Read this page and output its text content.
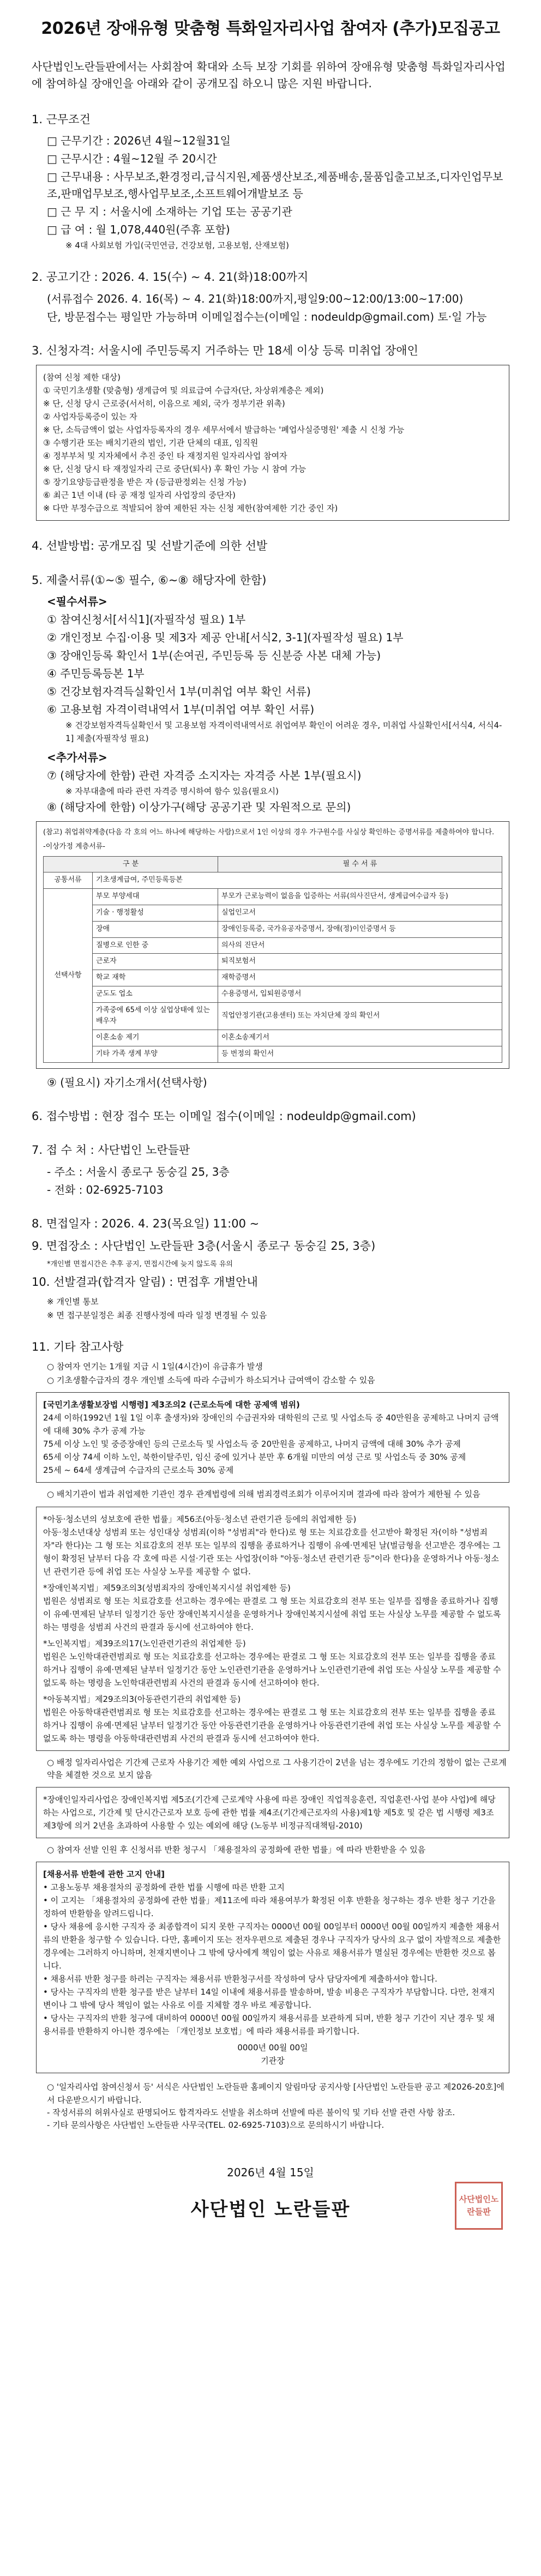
2026년 장애유형 맞춤형 특화일자리사업 참여자 (추가)모집공고
사단법인노란들판에서는 사회참여 확대와 소득 보장 기회를 위하여 장애유형 맞춤형 특화일자리사업에 참여하실 장애인을 아래와 같이 공개모집 하오니 많은 지원 바랍니다.
1. 근무조건
□ 근무기간 : 2026년 4월~12월31일
□ 근무시간 : 4월~12월 주 20시간
□ 근무내용 : 사무보조,환경정리,급식지원,제품생산보조,제품배송,물품입출고보조,디자인업무보조,판매업무보조,행사업무보조,소프트웨어개발보조 등
□ 근 무 지 : 서울시에 소재하는 기업 또는 공공기관
□ 급 여 : 월 1,078,440원(주휴 포함)
※ 4대 사회보험 가입(국민연금, 건강보험, 고용보험, 산재보험)
2. 공고기간 : 2026. 4. 15(수) ~ 4. 21(화)18:00까지
(서류접수 2026. 4. 16(목) ~ 4. 21(화)18:00까지,평일9:00~12:00/13:00~17:00)
단, 방문접수는 평일만 가능하며 이메일접수는(이메일 : nodeuldp@gmail.com) 토·일 가능
3. 신청자격: 서울시에 주민등록지 거주하는 만 18세 이상 등록 미취업 장애인
(참여 신청 제한 대상)
① 국민기초생활 (맞춤형) 생계급여 및 의료급여 수급자(단, 차상위계층은 제외)
※ 단, 신청 당시 근로중(서서히, 이음으로 제외, 국가 정부기관 위촉)
② 사업자등록증이 있는 자
※ 단, 소득금액이 없는 사업자등록자의 경우 세무서에서 발급하는 '폐업사실증명원' 제출 시 신청 가능
③ 수행기관 또는 배치기관의 법인, 기관 단체의 대표, 임직원
④ 정부부처 및 지자체에서 추진 중인 타 재정지원 일자리사업 참여자
※ 단, 신청 당시 타 재정일자리 근로 중단(퇴사) 후 확인 가능 시 참여 가능
⑤ 장기요양등급판정을 받은 자 (등급판정외는 신청 가능)
⑥ 최근 1년 이내 (타 공 재정 일자리 사업장의 중단자)
※ 다만 부정수급으로 적발되어 참여 제한된 자는 신청 제한(참여제한 기간 중인 자)
4. 선발방법: 공개모집 및 선발기준에 의한 선발
5. 제출서류(①~⑤ 필수, ⑥~⑧ 해당자에 한함)
<필수서류>
① 참여신청서[서식1](자필작성 필요) 1부
② 개인정보 수집·이용 및 제3자 제공 안내[서식2, 3-1](자필작성 필요) 1부
③ 장애인등록 확인서 1부(손여권, 주민등록 등 신분증 사본 대체 가능)
④ 주민등록등본 1부
⑤ 건강보험자격득실확인서 1부(미취업 여부 확인 서류)
⑥ 고용보험 자격이력내역서 1부(미취업 여부 확인 서류)
※ 건강보험자격득실확인서 및 고용보험 자격이력내역서로 취업여부 확인이 어려운 경우, 미취업 사실확인서[서식4, 서식4-1] 제출(자필작성 필요)
<추가서류>
⑦ (해당자에 한함) 관련 자격증 소지자는 자격증 사본 1부(필요시)
※ 자부대출에 따라 관련 자격증 명시하여 함수 있음(필요시)
⑧ (해당자에 한함) 이상가구(해당 공공기관 및 자원적으로 문의)
(참고) 취업취약계층(다음 각 호의 어느 하나에 해당하는 사람)으로서 1인 이상의 경우 가구원수를 사실상 확인하는 증명서류를 제출하여야 합니다.
-이상가정 계층서류-
구 분		필 수 서 류
공통서류	기초생계급여, 주민등록등본	
선택사항	부모 부양세대	부모가 근로능력이 없음을 입증하는 서류(의사진단서, 생계급여수급자 등)
	기술 · 행정활성	실업인고서
	장애	장애인등록증, 국가유공자증명서, 장애(정)이인증명서 등
	질병으로 인한 중	의사의 진단서
	근로자	퇴직보험서
	학교 재학	재학증명서
	군도도 업소	수용증명서, 입퇴원증명서
	가족중에 65세 이상 실업상태에 있는 배우자	직업안정기관(고용센터) 또는 자치단체 장의 확인서
	이혼소송 제기	이혼소송제기서
	기타 가족 생계 부양	등 번정의 확인서
⑨ (필요시) 자기소개서(선택사항)
6. 접수방법 : 현장 접수 또는 이메일 접수(이메일 : nodeuldp@gmail.com)
7. 접 수 처 : 사단법인 노란들판
- 주소 : 서울시 종로구 동숭길 25, 3층
- 전화 : 02-6925-7103
8. 면접일자 : 2026. 4. 23(목요일) 11:00 ~
9. 면접장소 : 사단법인 노란들판 3층(서울시 종로구 동숭길 25, 3층)
*개인별 면접시간은 추후 공지, 면접시간에 늦지 않도록 유의
10. 선발결과(합격자 알림) : 면접후 개별안내
※ 개인별 통보
※ 면 접구분일정은 최종 진행사정에 따라 일정 변경될 수 있음
11. 기타 참고사항
○ 참여자 연기는 1개월 지급 시 1일(4시간)이 유급휴가 발생
○ 기초생활수급자의 경우 개인별 소득에 따라 수급비가 하소되거나 급여액이 감소할 수 있음
[국민기초생활보장법 시행령] 제3조의2 (근로소득에 대한 공제액 범위)
24세 이하(1992년 1월 1일 이후 출생자)와 장애인의 수급권자와 대학원의 근로 및 사업소득 중 40만원을 공제하고 나머지 금액에 대해 30% 추가 공제 가능
75세 이상 노인 및 중증장애인 등의 근로소득 및 사업소득 중 20만원을 공제하고, 나머지 금액에 대해 30% 추가 공제
65세 이상 74세 이하 노인, 북한이탈주민, 임신 중에 있거나 분만 후 6개월 미만의 여성 근로 및 사업소득 중 30% 공제
25세 ~ 64세 생계급여 수급자의 근로소득 30% 공제
○ 배치기관이 법과 취업제한 기관인 경우 관계법령에 의해 범죄경력조회가 이루어지며 결과에 따라 참여가 제한될 수 있음
*아동·청소년의 성보호에 관한 법률」제56조(아동·청소년 관련기관 등에의 취업제한 등)
아동·청소년대상 성범죄 또는 성인대상 성범죄(이하 "성범죄"라 한다)로 형 또는 치료감호를 선고받아 확정된 자(이하 "성범죄자"라 한다)는 그 형 또는 치료감호의 전부 또는 일부의 집행을 종료하거나 집행이 유예·면제된 날(벌금형을 선고받은 경우에는 그 형이 확정된 날부터 다음 각 호에 따른 시설·기관 또는 사업장(이하 "아동·청소년 관련기관 등"이라 한다)을 운영하거나 아동·청소년 관련기관 등에 취업 또는 사실상 노무를 제공할 수 없다.
*장애인복지법」제59조의3(성범죄자의 장애인복지시설 취업제한 등)
법원은 성범죄로 형 또는 치료감호를 선고하는 경우에는 판결로 그 형 또는 치료감호의 전부 또는 일부를 집행을 종료하거나 집행이 유예·면제된 날부터 일정기간 동안 장애인복지시설을 운영하거나 장애인복지시설에 취업 또는 사실상 노무를 제공할 수 없도록 하는 명령을 성범죄 사건의 판결과 동시에 선고하여야 한다.
*노인복지법」제39조의17(노인관련기관의 취업제한 등)
법원은 노인학대관련범죄로 형 또는 치료감호를 선고하는 경우에는 판결로 그 형 또는 치료감호의 전부 또는 일부를 집행을 종료하거나 집행이 유예·면제된 날부터 일정기간 동안 노인관련기관을 운영하거나 노인관련기관에 취업 또는 사실상 노무를 제공할 수 없도록 하는 명령을 노인학대관련범죄 사건의 판결과 동시에 선고하여야 한다.
*아동복지법」제29조의3(아동관련기관의 취업제한 등)
법원은 아동학대관련범죄로 형 또는 치료감호를 선고하는 경우에는 판결로 그 형 또는 치료감호의 전부 또는 일부를 집행을 종료하거나 집행이 유예·면제된 날부터 일정기간 동안 아동관련기관을 운영하거나 아동관련기관에 취업 또는 사실상 노무를 제공할 수 없도록 하는 명령을 아동학대관련범죄 사건의 판결과 동시에 선고하여야 한다.
○ 배정 일자리사업은 기간제 근로자 사용기간 제한 예외 사업으로 그 사용기간이 2년을 넘는 경우에도 기간의 정함이 없는 근로계약을 체결한 것으로 보지 않음
*장애인일자리사업은 장애인복지법 제5조(기간제 근로계약 사용에 따른 장애인 직업적응훈련, 직업훈련·사업 분야 사업)에 해당하는 사업으로, 기간제 및 단시간근로자 보호 등에 관한 법률 제4조(기간제근로자의 사용)제1항 제5호 및 같은 법 시행령 제3조 제3항에 의거 2년을 초과하여 사용할 수 있는 예외에 해당 (노동부 비정규직대책팀-2010)
○ 참여자 선발 인원 후 신청서류 반환 청구시 「채용절차의 공정화에 관한 법률」에 따라 반환받을 수 있음
[채용서류 반환에 관한 고지 안내]
• 고용노동부 채용절차의 공정화에 관한 법률 시행에 따른 반환 고지
• 이 고지는 「채용절차의 공정화에 관한 법률」제11조에 따라 채용여부가 확정된 이후 반환을 청구하는 경우 반환 청구 기간을 정하여 반환함을 알려드립니다.
• 당사 채용에 응시한 구직자 중 최종합격이 되지 못한 구직자는 0000년 00월 00일부터 0000년 00월 00일까지 제출한 채용서류의 반환을 청구할 수 있습니다. 다만, 홈페이지 또는 전자우편으로 제출된 경우나 구직자가 당사의 요구 없이 자발적으로 제출한 경우에는 그러하지 아니하며, 천재지변이나 그 밖에 당사에게 책임이 없는 사유로 채용서류가 멸실된 경우에는 반환한 것으로 봅니다.
• 채용서류 반환 청구를 하려는 구직자는 채용서류 반환청구서를 작성하여 당사 담당자에게 제출하셔야 합니다.
• 당사는 구직자의 반환 청구를 받은 날부터 14일 이내에 채용서류를 발송하며, 발송 비용은 구직자가 부담합니다. 다만, 천재지변이나 그 밖에 당사 책임이 없는 사유로 이를 지체할 경우 바로 제공합니다.
• 당사는 구직자의 반환 청구에 대비하여 0000년 00월 00일까지 채용서류를 보관하게 되며, 반환 청구 기간이 지난 경우 및 채용서류를 반환하지 아니한 경우에는 「개인정보 보호법」에 따라 채용서류를 파기합니다.
0000년 00월 00일
기관장
○ '일자리사업 참여신청서 등' 서식은 사단법인 노란들판 홈페이지 알림마당 공지사항 [사단법인 노란들판 공고 제2026-20호]에서 다운받으시기 바랍니다.
- 작성서류의 허위사실로 판명되어도 합격자라도 선발을 취소하며 선발에 따른 불이익 및 기타 선발 관련 사항 참조.
- 기타 문의사항은 사단법인 노란들판 사무국(TEL. 02-6925-7103)으로 문의하시기 바랍니다.
2026년 4월 15일
사단법인 노란들판	사단법인노란들판
